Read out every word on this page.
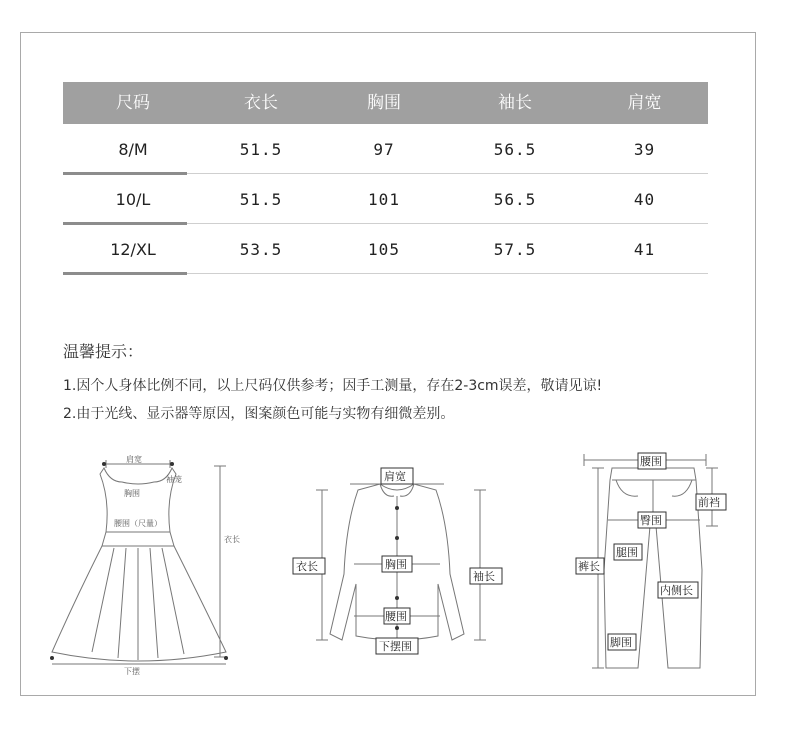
尺码	衣长	胸围	袖长	肩宽
8/M	51.5	97	56.5	39
10/L	51.5	101	56.5	40
12/XL	53.5	105	57.5	41
温馨提示：
1.因个人身体比例不同，以上尺码仅供参考；因手工测量，存在2-3cm误差，敬请见谅!
2.由于光线、显示器等原因，图案颜色可能与实物有细微差别。
肩宽
胸围
袖笼
腰围（尺量）
衣长
下摆
肩宽
衣长	胸围
袖长
腰围
下摆围
腰围
前裆
臀围
腿围
裤长
内侧长
脚围
